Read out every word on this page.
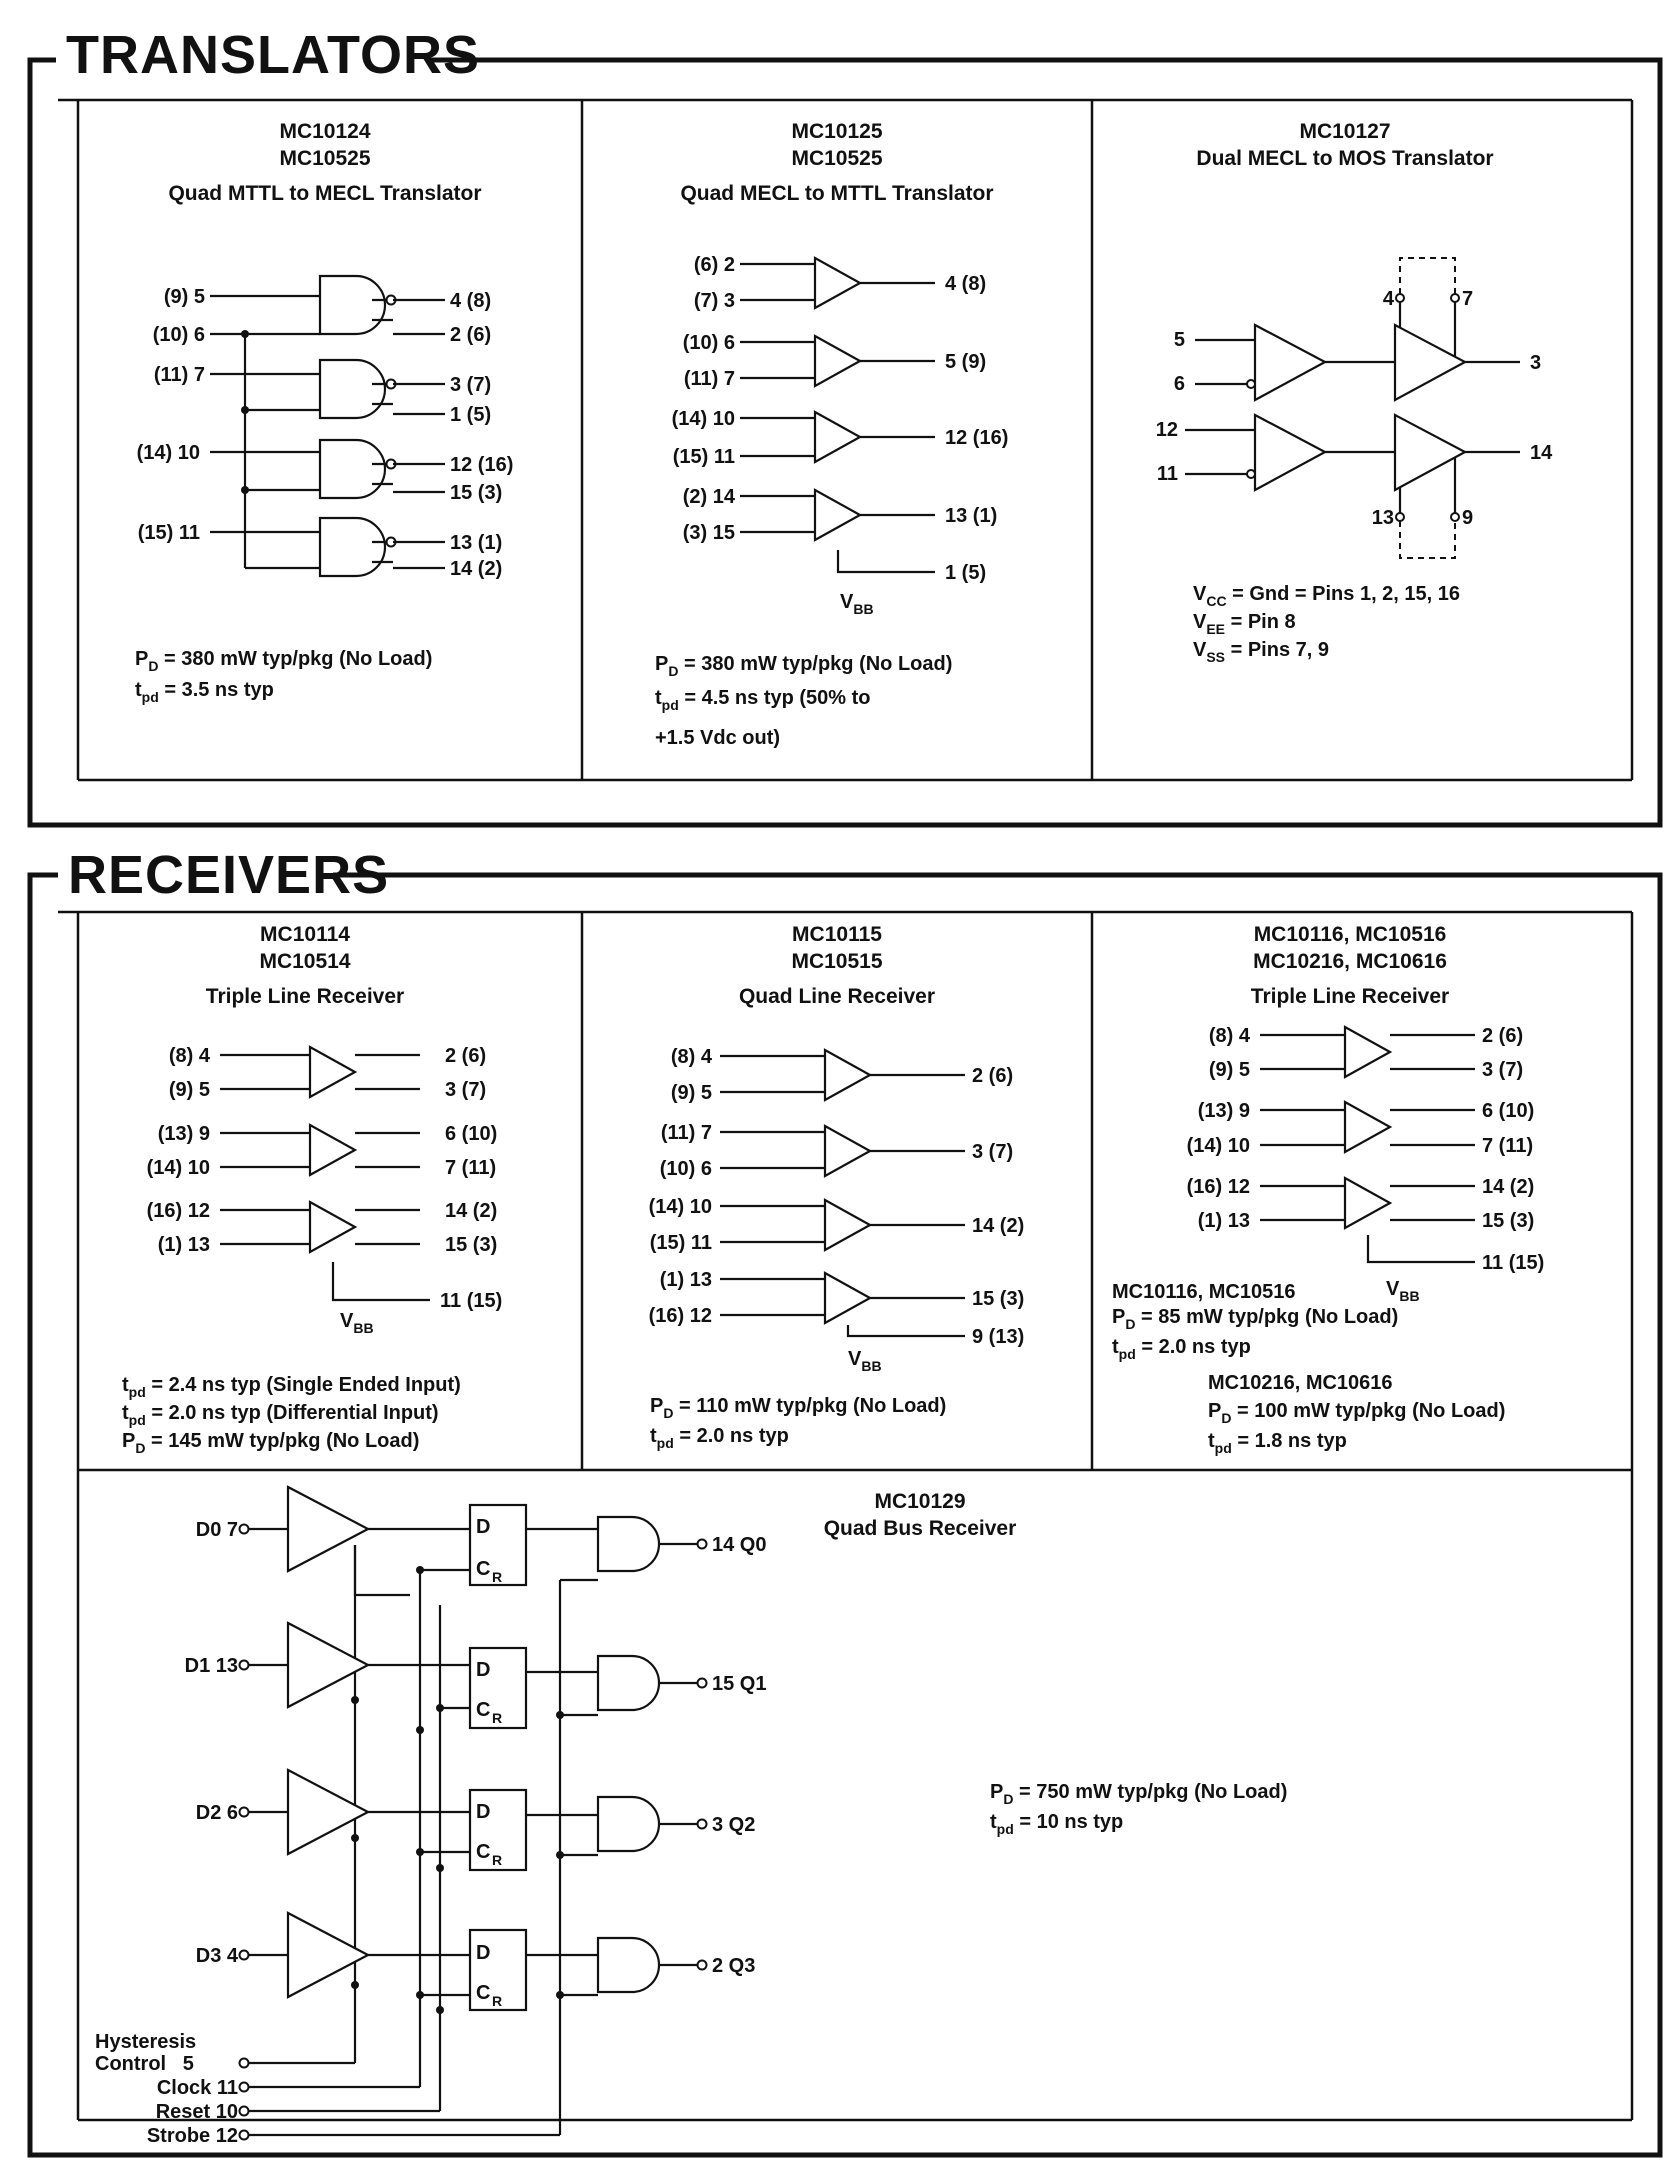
TRANSLATORS
MC10124
MC10525
Quad MTTL to MECL Translator
(9) 5
(10) 6
(11) 7
(14) 10
(15) 11
4 (8)
2 (6)
3 (7)
1 (5)
12 (16)
15 (3)
13 (1)
14 (2)
$P_D = 380$ mW typ/pkg (No Load)
$t_{pd} = 3.5$ ns typ
MC10125
MC10525
Quad MECL to MTTL Translator
(6) 2
(7) 3
(10) 6
(11) 7
(14) 10
(15) 11
(2) 14
(3) 15
4 (8)
5 (9)
12 (16)
13 (1)
1 (5)
$V_{BB}$
$P_D = 380$ mW typ/pkg (No Load)
$t_{pd} = 4.5$ ns typ (50% to
+1.5 Vdc out)
MC10127
Dual MECL to MOS Translator
5
6
12
11
4	7
3
14
13	9
$V_{CC}$ = Gnd = Pins 1, 2, 15, 16
$V_{EE}$ = Pin 8
$V_{SS}$ = Pins 7, 9
RECEIVERS
MC10114
MC10514
Triple Line Receiver
(8) 4
(9) 5
(13) 9
(14) 10
(16) 12
(1) 13
2 (6)
3 (7)
6 (10)
7 (11)
14 (2)
15 (3)
11 (15)
$V_{BB}$
$t_{pd} = 2.4$ ns typ (Single Ended Input)
$t_{pd} = 2.0$ ns typ (Differential Input)
$P_D = 145$ mW typ/pkg (No Load)
MC10115
MC10515
Quad Line Receiver
(8) 4
(9) 5
(11) 7
(10) 6
(14) 10
(15) 11
(1) 13
(16) 12
2 (6)
3 (7)
14 (2)
15 (3)
9 (13)
$V_{BB}$
$P_D = 110$ mW typ/pkg (No Load)
$t_{pd} = 2.0$ ns typ
MC10116, MC10516
MC10216, MC10616
Triple Line Receiver
(8) 4
(9) 5
(13) 9
(14) 10
(16) 12
(1) 13
2 (6)
3 (7)
6 (10)
7 (11)
14 (2)
15 (3)
11 (15)
$V_{BB}$
MC10116, MC10516
$P_D = 85$ mW typ/pkg (No Load)
$t_{pd} = 2.0$ ns typ
MC10216, MC10616
$P_D = 100$ mW typ/pkg (No Load)
$t_{pd} = 1.8$ ns typ
MC10129
Quad Bus Receiver
D
C R
D
C R
D
C R
D
C R
D0 7
D1 13
D2 6
D3 4
14 Q0
15 Q1
3 Q2
2 Q3
Hysteresis
Control   5
Clock 11
Reset 10
Strobe 12
$P_D = 750$ mW typ/pkg (No Load)
$t_{pd} = 10$ ns typ
